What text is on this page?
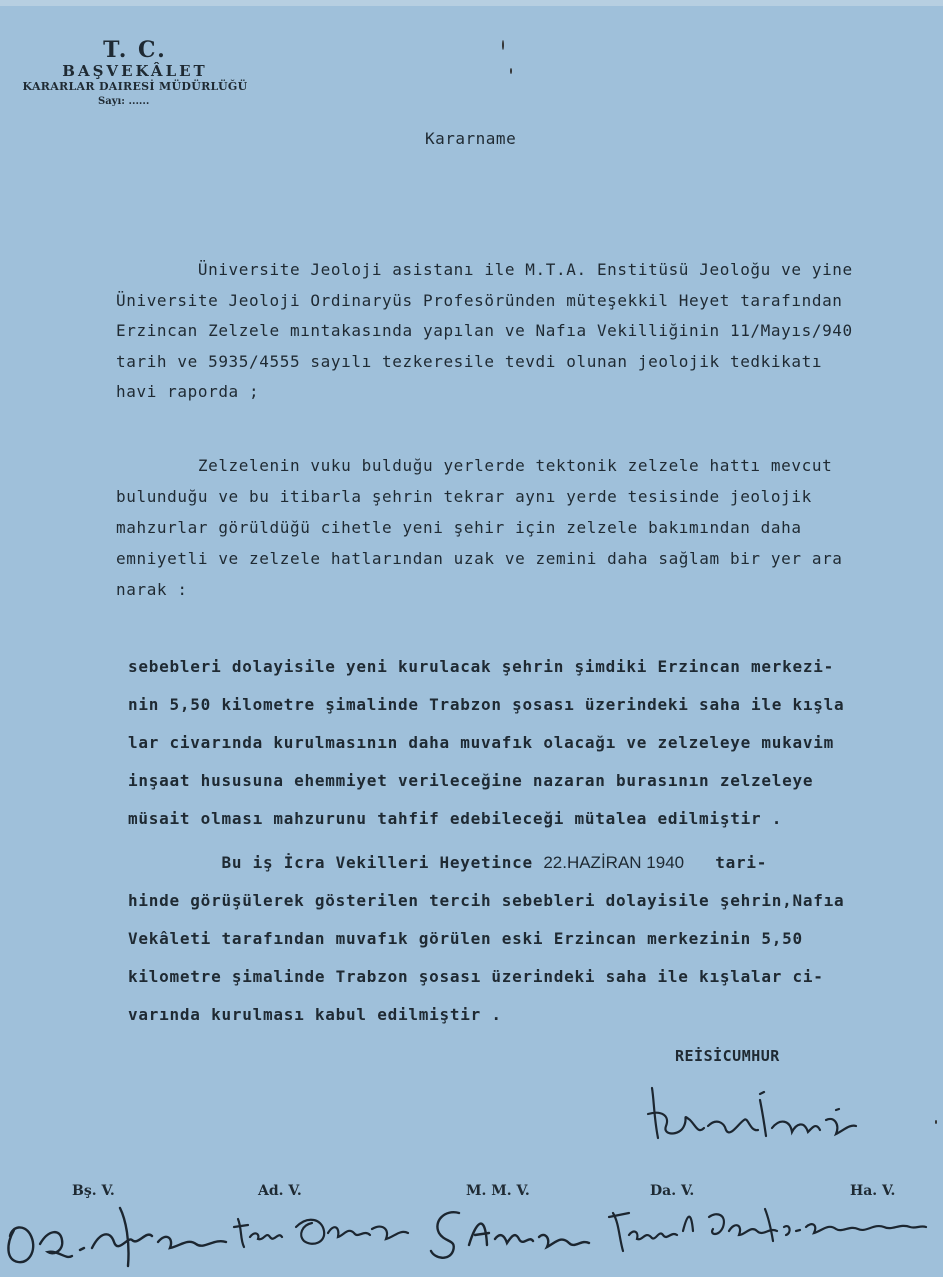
T. C.
BAŞVEKÂLET
KARARLAR DAIRESİ MÜDÜRLÜĞÜ
Sayı: ......
Kararname
Üniversite Jeoloji asistanı ile M.T.A. Enstitüsü Jeoloğu ve yine
Üniversite Jeoloji Ordinaryüs Profesöründen müteşekkil Heyet tarafından
Erzincan Zelzele mıntakasında yapılan ve Nafıa Vekilliğinin 11/Mayıs/940
tarih ve 5935/4555 sayılı tezkeresile tevdi olunan jeolojik tedkikatı
havi raporda ;
Zelzelenin vuku bulduğu yerlerde tektonik zelzele hattı mevcut
bulunduğu ve bu itibarla şehrin tekrar aynı yerde tesisinde jeolojik
mahzurlar görüldüğü cihetle yeni şehir için zelzele bakımından daha
emniyetli ve zelzele hatlarından uzak ve zemini daha sağlam bir yer ara
narak :
sebebleri dolayisile yeni kurulacak şehrin şimdiki Erzincan merkezi-
nin 5,50 kilometre şimalinde Trabzon şosası üzerindeki saha ile kışla
lar civarında kurulmasının daha muvafık olacağı ve zelzeleye mukavim
inşaat hususuna ehemmiyet verileceğine nazaran burasının zelzeleye
müsait olması mahzurunu tahfif edebileceği mütalea edilmiştir .
Bu iş İcra Vekilleri Heyetince 22.HAZİRAN 1940   tari-
hinde görüşülerek gösterilen tercih sebebleri dolayisile şehrin,Nafıa
Vekâleti tarafından muvafık görülen eski Erzincan merkezinin 5,50
kilometre şimalinde Trabzon şosası üzerindeki saha ile kışlalar ci-
varında kurulması kabul edilmiştir .
REİSİCUMHUR
Bş. V.	Ad. V.	M. M. V.	Da. V.	Ha. V.
